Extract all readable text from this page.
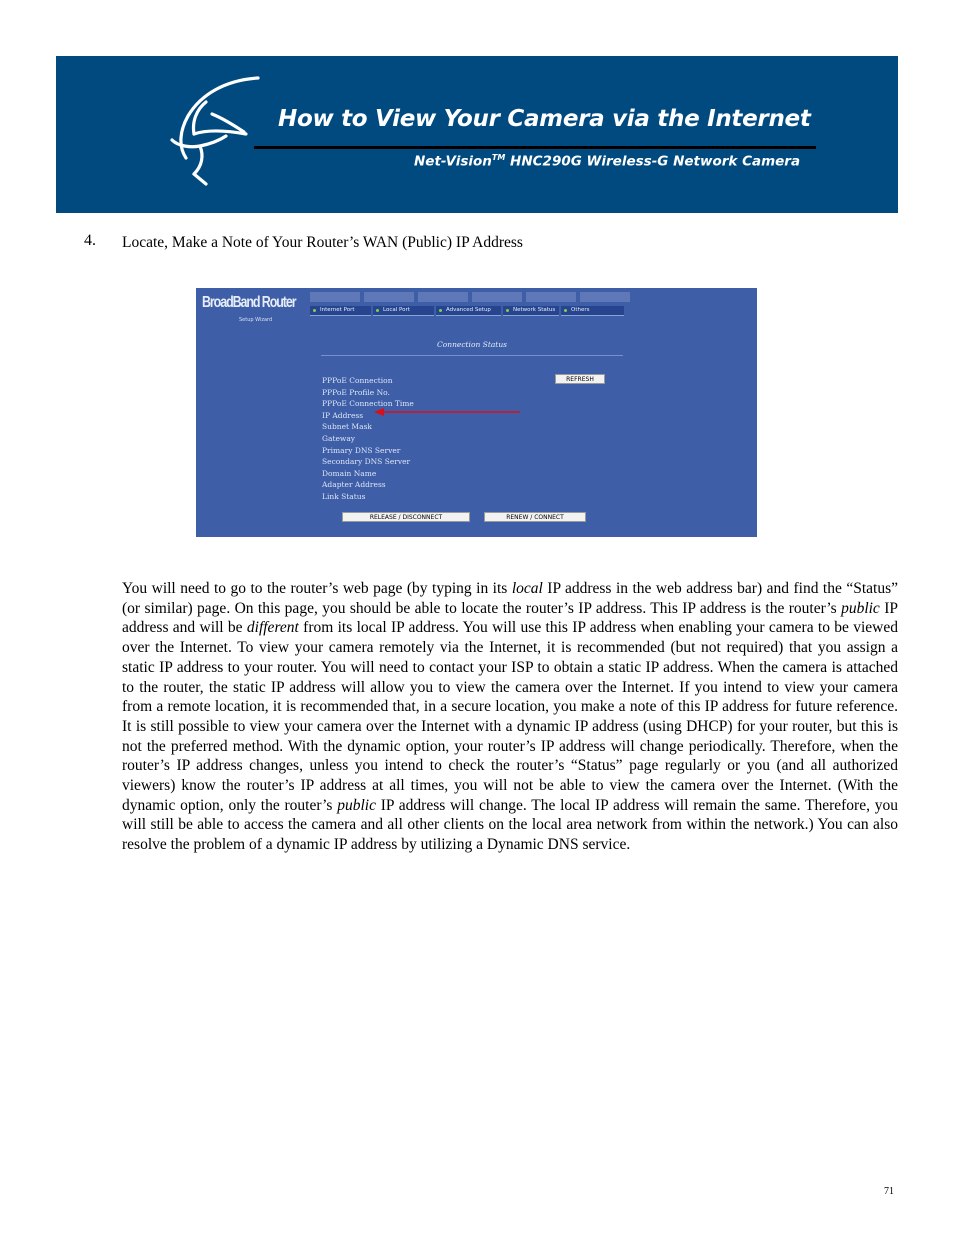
How to View Your Camera via the Internet
Net-Vision™ HNC290G Wireless-G Network Camera
4. Locate, Make a Note of Your Router’s WAN (Public) IP Address
BroadBand Router
Setup Wizard
Internet Port	Local Port	Advanced Setup	Network Status	Others
Connection Status
PPPoE Connection
PPPoE Profile No.
PPPoE Connection Time
IP Address
Subnet Mask
Gateway
Primary DNS Server
Secondary DNS Server
Domain Name
Adapter Address
Link Status
REFRESH
RELEASE / DISCONNECT	RENEW / CONNECT

You will need to go to the router’s web page (by typing in its local IP address in the web address bar) and find the “Status” (or similar) page. On this page, you should be able to locate the router’s IP address. This IP address is the router’s public IP address and will be different from its local IP address. You will use this IP address when enabling your camera to be viewed over the Internet. To view your camera remotely via the Internet, it is recommended (but not required) that you assign a static IP address to your router. You will need to contact your ISP to obtain a static IP address. When the camera is attached to the router, the static IP address will allow you to view the camera over the Internet. If you intend to view your camera from a remote location, it is recommended that, in a secure location, you make a note of this IP address for future reference. It is still possible to view your camera over the Internet with a dynamic IP address (using DHCP) for your router, but this is not the preferred method. With the dynamic option, your router’s IP address will change periodically. Therefore, when the router’s IP address changes, unless you intend to check the router’s “Status” page regularly or you (and all authorized viewers) know the router’s IP address at all times, you will not be able to view the camera over the Internet. (With the dynamic option, only the router’s public IP address will change. The local IP address will remain the same. Therefore, you will still be able to access the camera and all other clients on the local area network from within the network.) You can also resolve the problem of a dynamic IP address by utilizing a Dynamic DNS service.

71
